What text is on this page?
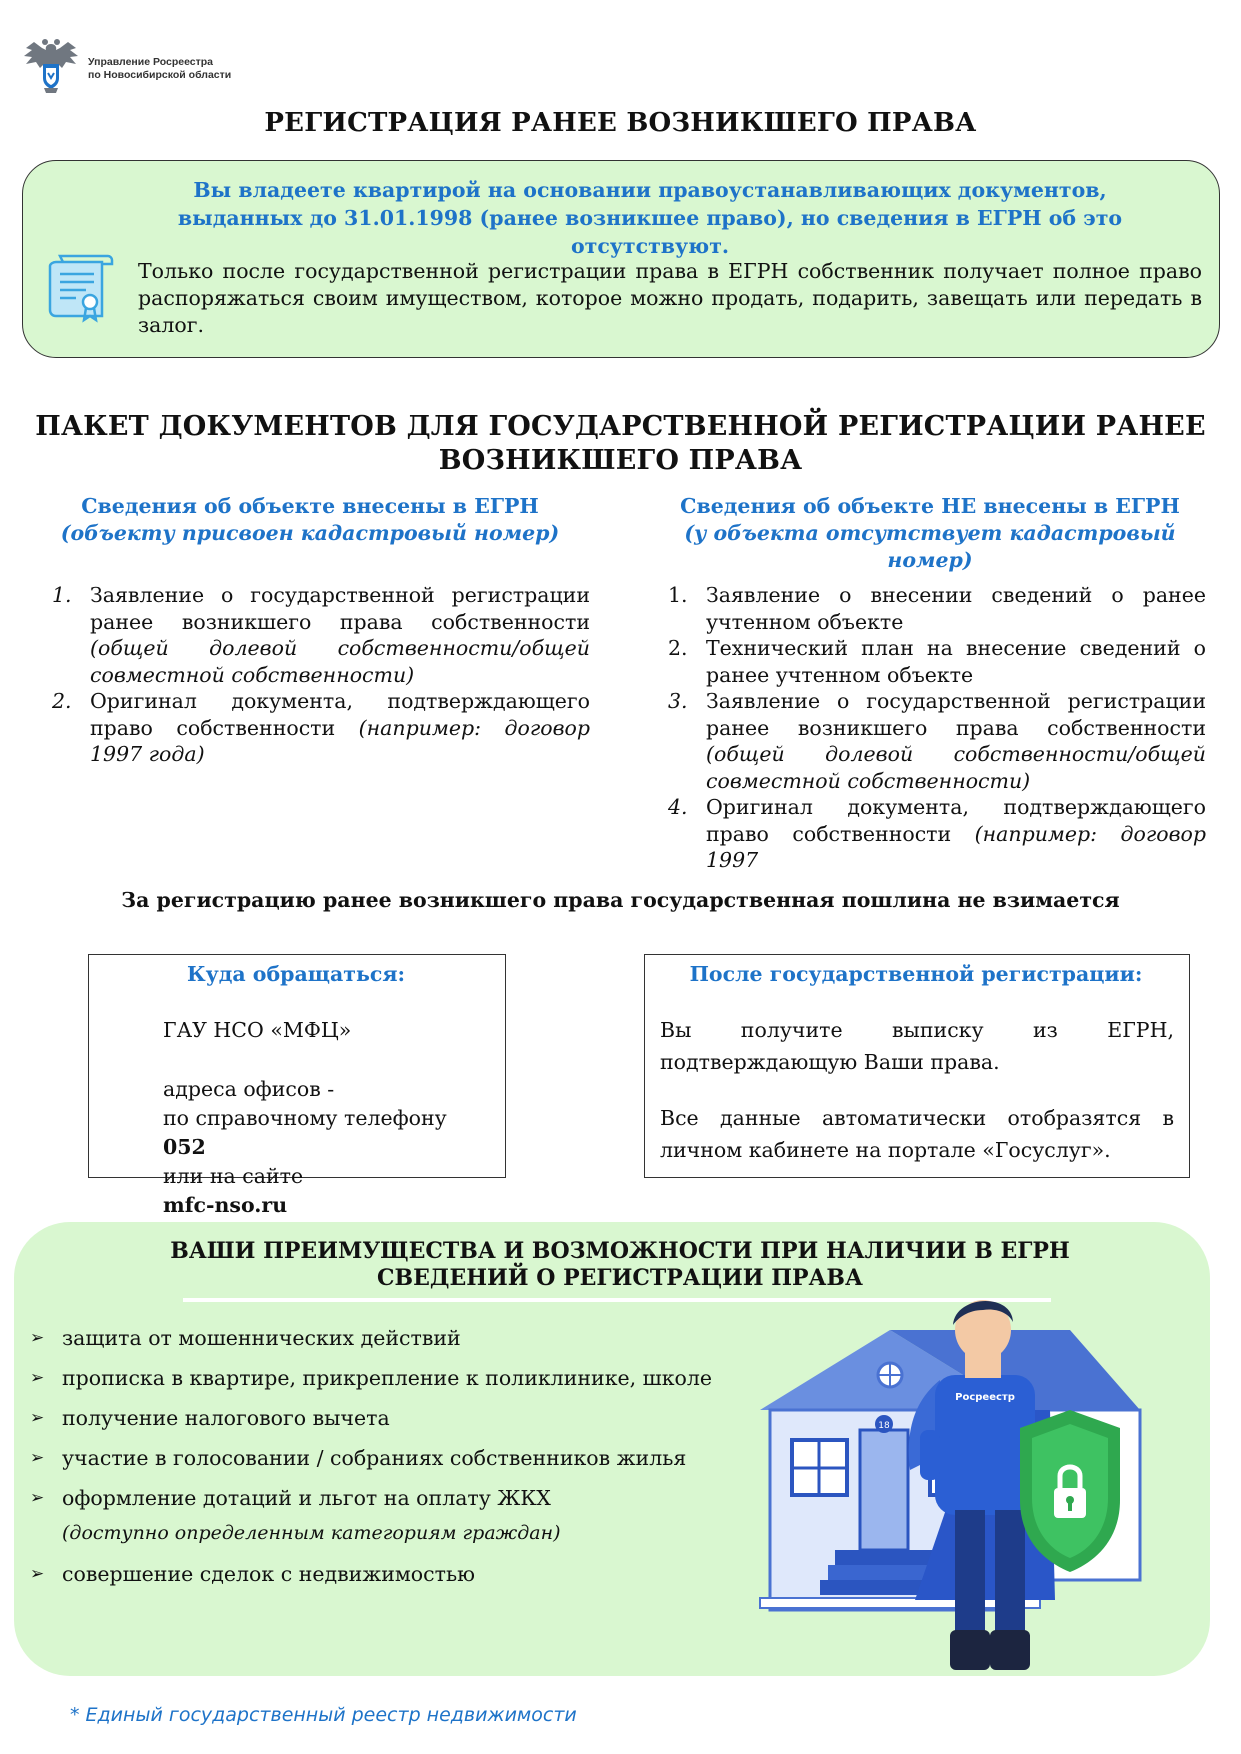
Управление Росреестра
по Новосибирской области
РЕГИСТРАЦИЯ РАНЕЕ ВОЗНИКШЕГО ПРАВА
Вы владеете квартирой на основании правоустанавливающих документов,
выданных до 31.01.1998 (ранее возникшее право), но сведения в ЕГРН об это отсутствуют.
Только после государственной регистрации права в ЕГРН собственник получает полное право распоряжаться своим имуществом, которое можно продать, подарить, завещать или передать в залог.
ПАКЕТ ДОКУМЕНТОВ ДЛЯ ГОСУДАРСТВЕННОЙ РЕГИСТРАЦИИ РАНЕЕ
ВОЗНИКШЕГО ПРАВА
Сведения об объекте внесены в ЕГРН
(объекту присвоен кадастровый номер)
Сведения об объекте НЕ внесены в ЕГРН
(у объекта отсутствует кадастровый номер)
1. Заявление о государственной регистрации ранее возникшего права собственности (общей долевой собственности/общей совместной собственности)
2. Оригинал документа, подтверждающего право собственности (например: договор 1997 года)
1. Заявление о внесении сведений о ранее учтенном объекте
2. Технический план на внесение сведений о ранее учтенном объекте
3. Заявление о государственной регистрации ранее возникшего права собственности (общей долевой собственности/общей совместной собственности)
4. Оригинал документа, подтверждающего право собственности (например: договор 1997
За регистрацию ранее возникшего права государственная пошлина не взимается
Куда обращаться:
ГАУ НСО «МФЦ»
адреса офисов -
по справочному телефону
052
или на сайте
mfc-nso.ru
После государственной регистрации:
Вы получите выписку из ЕГРН, подтверждающую Ваши права.
Все данные автоматически отобразятся в личном кабинете на портале «Госуслуг».
ВАШИ ПРЕИМУЩЕСТВА И ВОЗМОЖНОСТИ ПРИ НАЛИЧИИ В ЕГРН
СВЕДЕНИЙ О РЕГИСТРАЦИИ ПРАВА
➢ защита от мошеннических действий
➢ прописка в квартире, прикрепление к поликлинике, школе
➢ получение налогового вычета
➢ участие в голосовании / собраниях собственников жилья
➢ оформление дотаций и льгот на оплату ЖКХ
(доступно определенным категориям граждан)
➢ совершение сделок с недвижимостью
18
Росреестр
* Единый государственный реестр недвижимости
